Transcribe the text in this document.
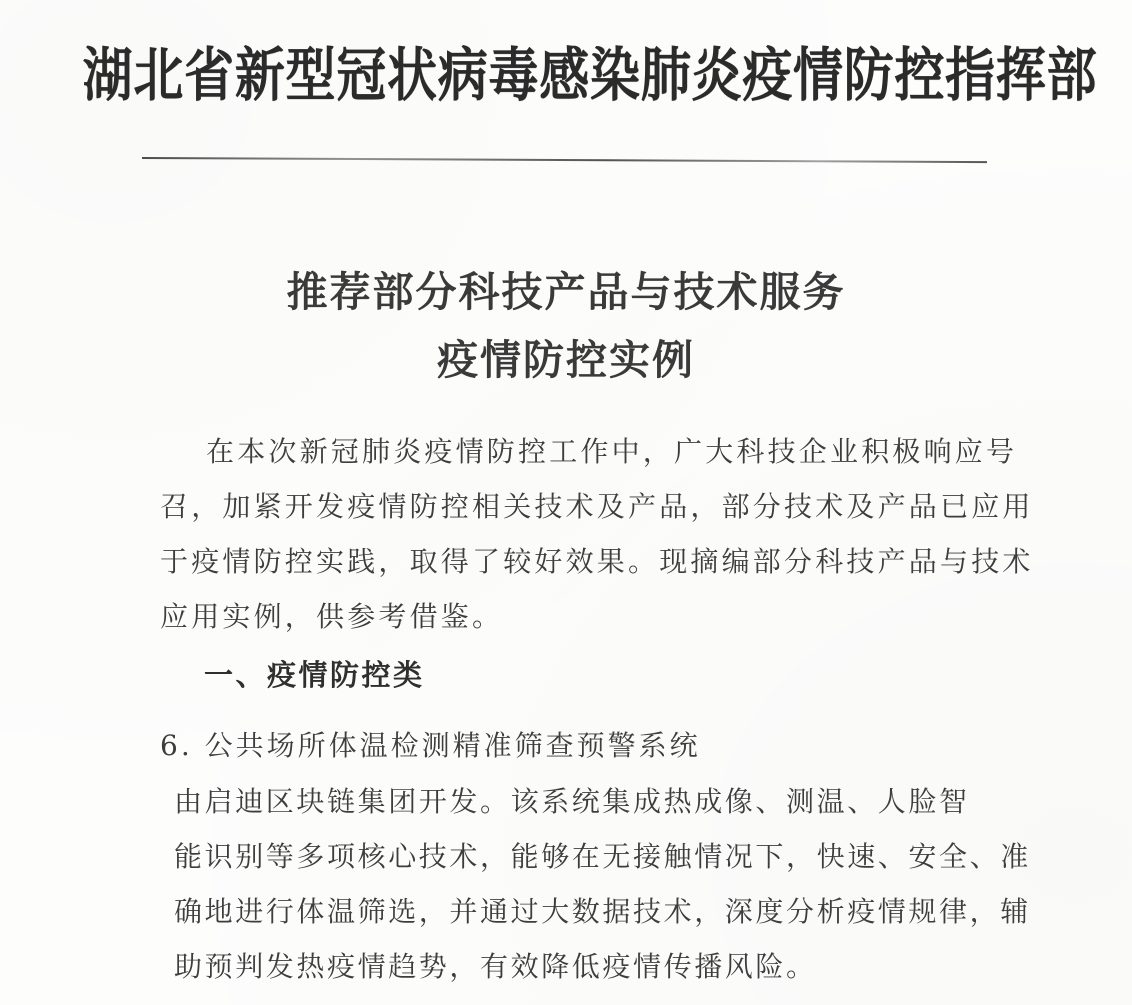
湖北省新型冠状病毒感染肺炎疫情防控指挥部
推荐部分科技产品与技术服务
疫情防控实例
在本次新冠肺炎疫情防控工作中，广大科技企业积极响应号
召，加紧开发疫情防控相关技术及产品，部分技术及产品已应用
于疫情防控实践，取得了较好效果。现摘编部分科技产品与技术
应用实例，供参考借鉴。
一、疫情防控类
6. 公共场所体温检测精准筛查预警系统
由启迪区块链集团开发。该系统集成热成像、测温、人脸智
能识别等多项核心技术，能够在无接触情况下，快速、安全、准
确地进行体温筛选，并通过大数据技术，深度分析疫情规律，辅
助预判发热疫情趋势，有效降低疫情传播风险。
